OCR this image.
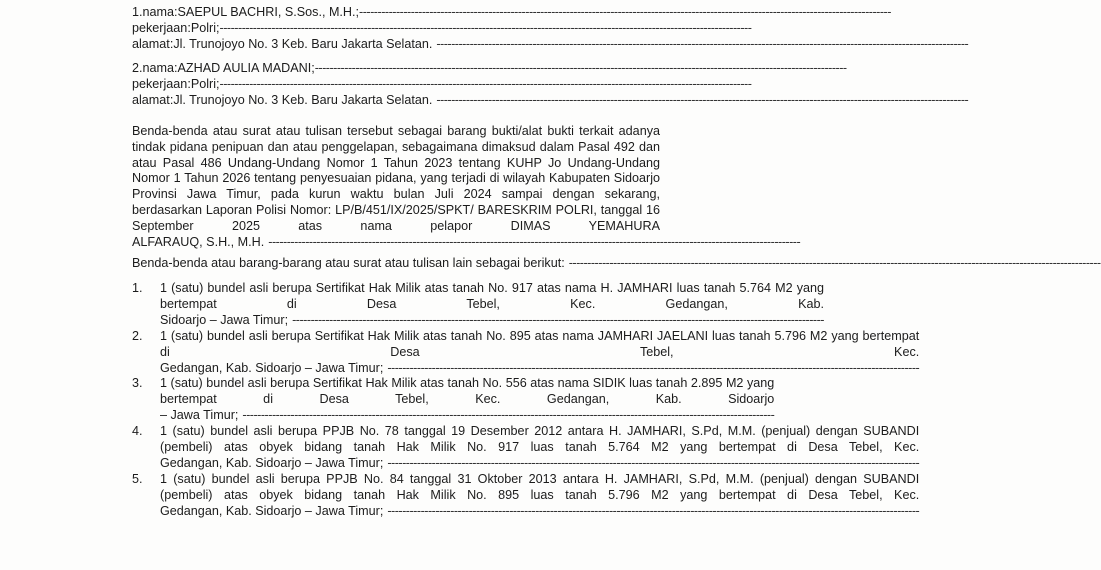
1. nama : SAEPUL BACHRI, S.Sos., M.H.;
-----
pekerjaan : Polri;
-----
alamat : Jl. Trunojoyo No. 3 Keb. Baru Jakarta Selatan.
-----
2. nama : AZHAD AULIA MADANI;
-----
pekerjaan : Polri;
-----
alamat : Jl. Trunojoyo No. 3 Keb. Baru Jakarta Selatan.
-----
Benda-benda atau surat atau tulisan tersebut sebagai barang bukti/alat bukti terkait adanya tindak pidana penipuan dan atau penggelapan, sebagaimana dimaksud dalam Pasal 492 dan atau Pasal 486 Undang-Undang Nomor 1 Tahun 2023 tentang KUHP Jo Undang-Undang Nomor 1 Tahun 2026 tentang penyesuaian pidana, yang terjadi di wilayah Kabupaten Sidoarjo Provinsi Jawa Timur, pada kurun waktu bulan Juli 2024 sampai dengan sekarang, berdasarkan Laporan Polisi Nomor: LP/B/451/IX/2025/SPKT/ BARESKRIM POLRI, tanggal 16 September 2025 atas nama pelapor DIMAS YEMAHURA
ALFARAUQ, S.H., M.H.
-----
Benda-benda atau barang-barang atau surat atau tulisan lain sebagai berikut:
-----
1.	1 (satu) bundel asli berupa Sertifikat Hak Milik atas tanah No. 917 atas nama H. JAMHARI luas tanah 5.764 M2 yang bertempat di Desa Tebel, Kec. Gedangan, Kab.
Sidoarjo – Jawa Timur;
-----
2.	1 (satu) bundel asli berupa Sertifikat Hak Milik atas tanah No. 895 atas nama JAMHARI JAELANI luas tanah 5.796 M2 yang bertempat di Desa Tebel, Kec.
Gedangan, Kab. Sidoarjo – Jawa Timur;
-----
3.	1 (satu) bundel asli berupa Sertifikat Hak Milik atas tanah No. 556 atas nama SIDIK luas tanah 2.895 M2 yang bertempat di Desa Tebel, Kec. Gedangan, Kab. Sidoarjo
– Jawa Timur;
-----
4.	1 (satu) bundel asli berupa PPJB No. 78 tanggal 19 Desember 2012 antara H. JAMHARI, S.Pd, M.M. (penjual) dengan SUBANDI (pembeli) atas obyek bidang tanah Hak Milik No. 917 luas tanah 5.764 M2 yang bertempat di Desa Tebel, Kec.
Gedangan, Kab. Sidoarjo – Jawa Timur;
-----
5.	1 (satu) bundel asli berupa PPJB No. 84 tanggal 31 Oktober 2013 antara H. JAMHARI, S.Pd, M.M. (penjual) dengan SUBANDI (pembeli) atas obyek bidang tanah Hak Milik No. 895 luas tanah 5.796 M2 yang bertempat di Desa Tebel, Kec.
Gedangan, Kab. Sidoarjo – Jawa Timur;
-----
